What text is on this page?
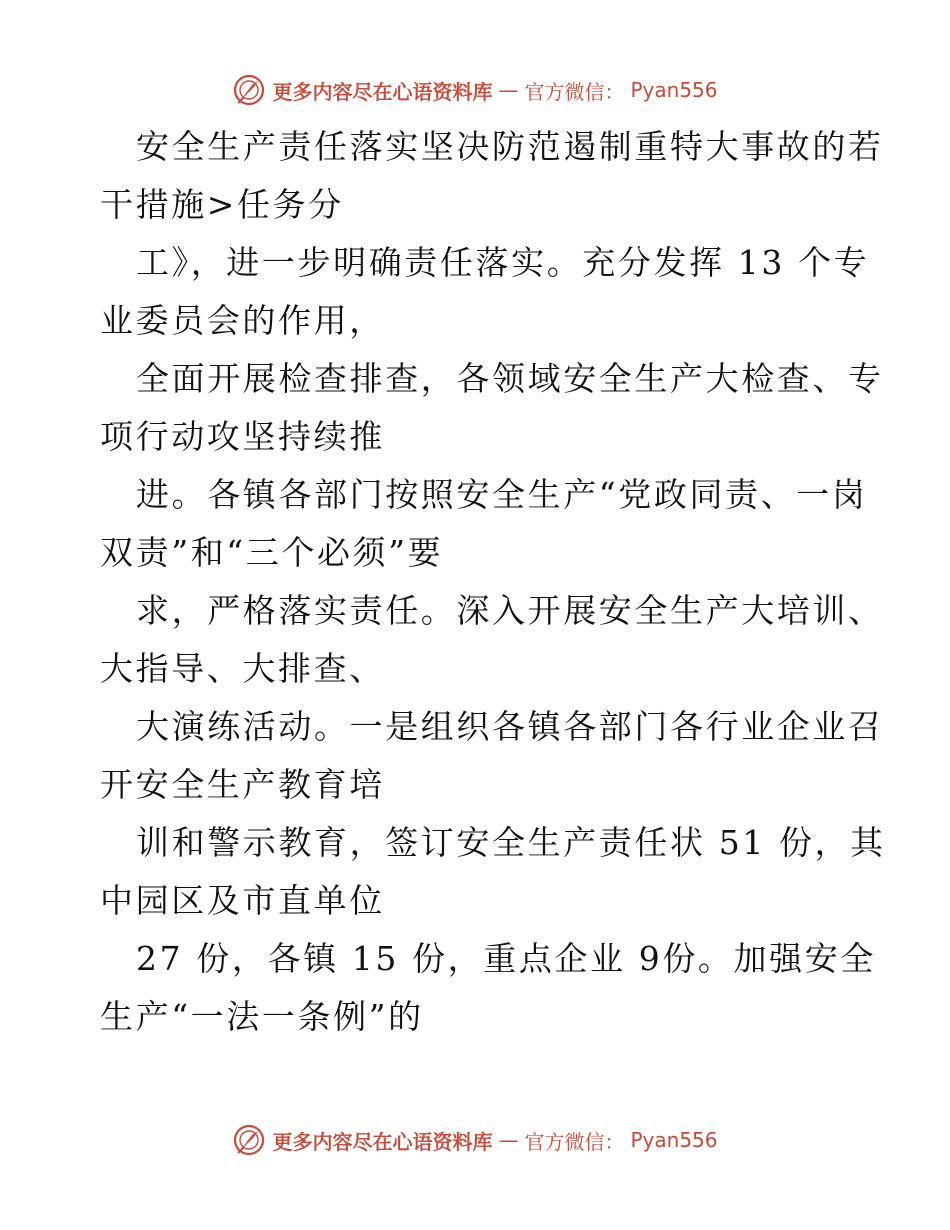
更多内容尽在心语资料库 — 官方微信： Pyan556

安全生产责任落实坚决防范遏制重特大事故的若
干措施>任务分

工》，进一步明确责任落实。充分发挥 13 个专
业委员会的作用，

全面开展检查排查，各领域安全生产大检查、专
项行动攻坚持续推

进。各镇各部门按照安全生产“党政同责、一岗
双责”和“三个必须”要

求，严格落实责任。深入开展安全生产大培训、
大指导、大排查、

大演练活动。一是组织各镇各部门各行业企业召
开安全生产教育培

训和警示教育，签订安全生产责任状 51 份，其
中园区及市直单位

27 份，各镇 15 份，重点企业 9份。加强安全
生产“一法一条例”的

更多内容尽在心语资料库 — 官方微信： Pyan556
